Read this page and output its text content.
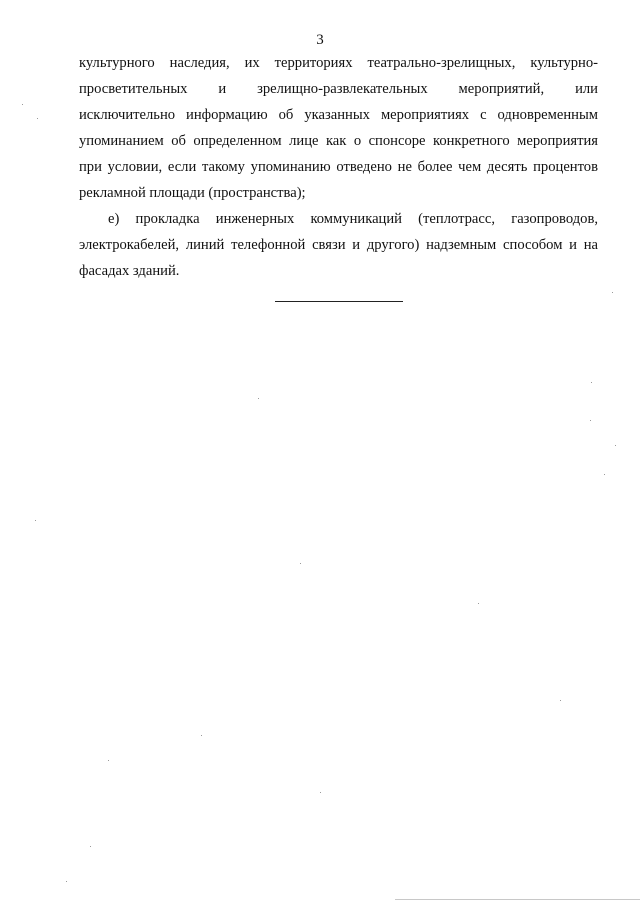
3
культурного наследия, их территориях театрально-зрелищных, культурно-
просветительных и зрелищно-развлекательных мероприятий, или
исключительно информацию об указанных мероприятиях с одновременным
упоминанием об определенном лице как о спонсоре конкретного мероприятия
при условии, если такому упоминанию отведено не более чем десять процентов
рекламной площади (пространства);
е) прокладка инженерных коммуникаций (теплотрасс, газопроводов,
электрокабелей, линий телефонной связи и другого) надземным способом и на
фасадах зданий.
